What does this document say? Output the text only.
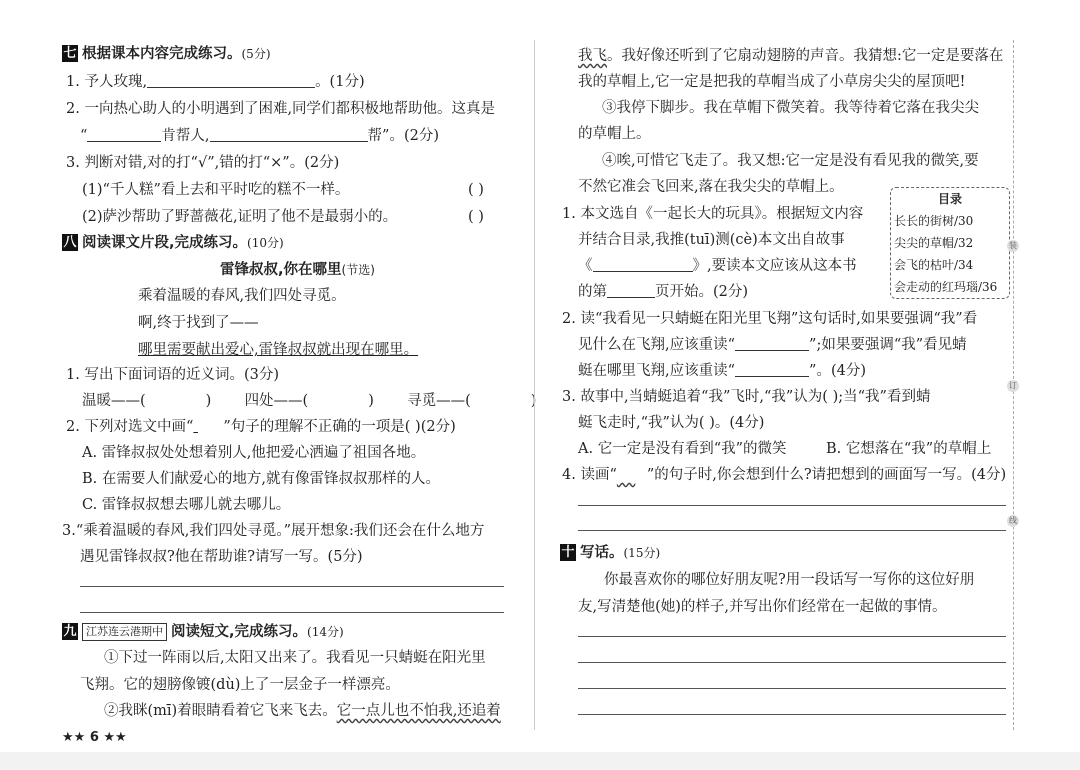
七 根据课本内容完成练习。(5分)
1. 予人玫瑰,	。(1分)
2. 一向热心助人的小明遇到了困难,同学们都积极地帮助他。这真是
“	肯帮人,	帮”。(2分)
3. 判断对错,对的打“√”,错的打“×”。(2分)
(1)“千人糕”看上去和平时吃的糕不一样。	( )
(2)萨沙帮助了野蔷薇花,证明了他不是最弱小的。	( )
八 阅读课文片段,完成练习。(10分)
雷锋叔叔,你在哪里(节选)
乘着温暖的春风,我们四处寻觅。
啊,终于找到了——
哪里需要献出爱心,雷锋叔叔就出现在哪里。
1. 写出下面词语的近义词。(3分)
温暖——(	) 四处——(	) 寻觅——(	)
2. 下列对选文中画“ ”句子的理解不正确的一项是( )(2分)
A. 雷锋叔叔处处想着别人,他把爱心洒遍了祖国各地。
B. 在需要人们献爱心的地方,就有像雷锋叔叔那样的人。
C. 雷锋叔叔想去哪儿就去哪儿。
3.“乘着温暖的春风,我们四处寻觅。”展开想象:我们还会在什么地方
遇见雷锋叔叔?他在帮助谁?请写一写。(5分)
九 江苏连云港期中 阅读短文,完成练习。(14分)
①下过一阵雨以后,太阳又出来了。我看见一只蜻蜓在阳光里
飞翔。它的翅膀像镀(dù)上了一层金子一样漂亮。
②我眯(mī)着眼睛看着它飞来飞去。它一点儿也不怕我,还追着
★★ 6 ★★
我飞。我好像还听到了它扇动翅膀的声音。我猜想:它一定是要落在
我的草帽上,它一定是把我的草帽当成了小草房尖尖的屋顶吧!
③我停下脚步。我在草帽下微笑着。我等待着它落在我尖尖
的草帽上。
④唉,可惜它飞走了。我又想:它一定是没有看见我的微笑,要
不然它准会飞回来,落在我尖尖的草帽上。
1. 本文选自《一起长大的玩具》。根据短文内容
并结合目录,我推(tuī)测(cè)本文出自故事
《	》,要读本文应该从这本书
的第	页开始。(2分)
目录
长长的街树/30
尖尖的草帽/32
会飞的枯叶/34
会走动的红玛瑙/36
2. 读“我看见一只蜻蜓在阳光里飞翔”这句话时,如果要强调“我”看
见什么在飞翔,应该重读“	”;如果要强调“我”看见蜻
蜓在哪里飞翔,应该重读“	”。(4分)
3. 故事中,当蜻蜓追着“我”飞时,“我”认为( );当“我”看到蜻
蜓飞走时,“我”认为( )。(4分)
A. 它一定是没有看到“我”的微笑	B. 它想落在“我”的草帽上
4. 读画“ ”的句子时,你会想到什么?请把想到的画面写一写。(4分)
十 写话。(15分)
你最喜欢你的哪位好朋友呢?用一段话写一写你的这位好朋
友,写清楚他(她)的样子,并写出你们经常在一起做的事情。
装
订
线
